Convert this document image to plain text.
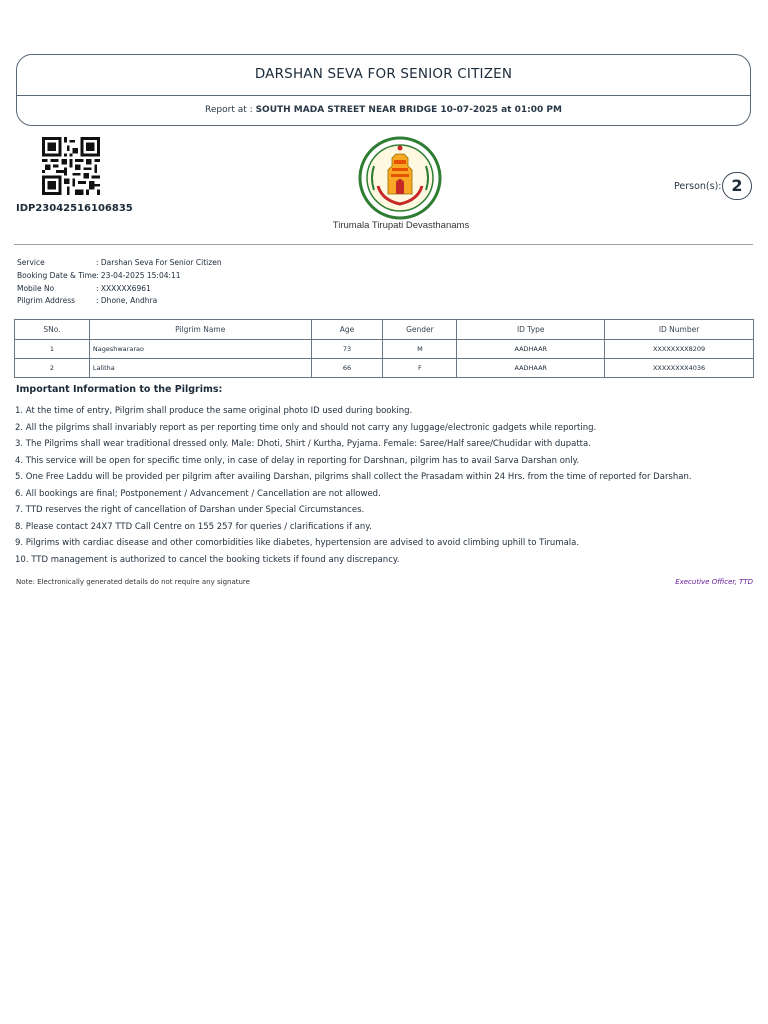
DARSHAN SEVA FOR SENIOR CITIZEN
Report at : SOUTH MADA STREET NEAR BRIDGE 10-07-2025 at 01:00 PM
IDP23042516106835
Tirumala Tirupati Devasthanams
Person(s): 2
Service	: Darshan Seva For Senior Citizen
Booking Date & Time: 23-04-2025 15:04:11
Mobile No	: XXXXXX6961
Pilgrim Address	: Dhone, Andhra
SNo.	Pilgrim Name	Age	Gender	ID Type	ID Number
1	Nageshwararao	73	M	AADHAAR	XXXXXXXX8209
2	Lalitha	66	F	AADHAAR	XXXXXXXX4036
Important Information to the Pilgrims:
1. At the time of entry, Pilgrim shall produce the same original photo ID used during booking.
2. All the pilgrims shall invariably report as per reporting time only and should not carry any luggage/electronic gadgets while reporting.
3. The Pilgrims shall wear traditional dressed only. Male: Dhoti, Shirt / Kurtha, Pyjama. Female: Saree/Half saree/Chudidar with dupatta.
4. This service will be open for specific time only, in case of delay in reporting for Darshnan, pilgrim has to avail Sarva Darshan only.
5. One Free Laddu will be provided per pilgrim after availing Darshan, pilgrims shall collect the Prasadam within 24 Hrs. from the time of reported for Darshan.
6. All bookings are final; Postponement / Advancement / Cancellation are not allowed.
7. TTD reserves the right of cancellation of Darshan under Special Circumstances.
8. Please contact 24X7 TTD Call Centre on 155 257 for queries / clarifications if any.
9. Pilgrims with cardiac disease and other comorbidities like diabetes, hypertension are advised to avoid climbing uphill to Tirumala.
10. TTD management is authorized to cancel the booking tickets if found any discrepancy.
Note: Electronically generated details do not require any signature	Executive Officer, TTD
